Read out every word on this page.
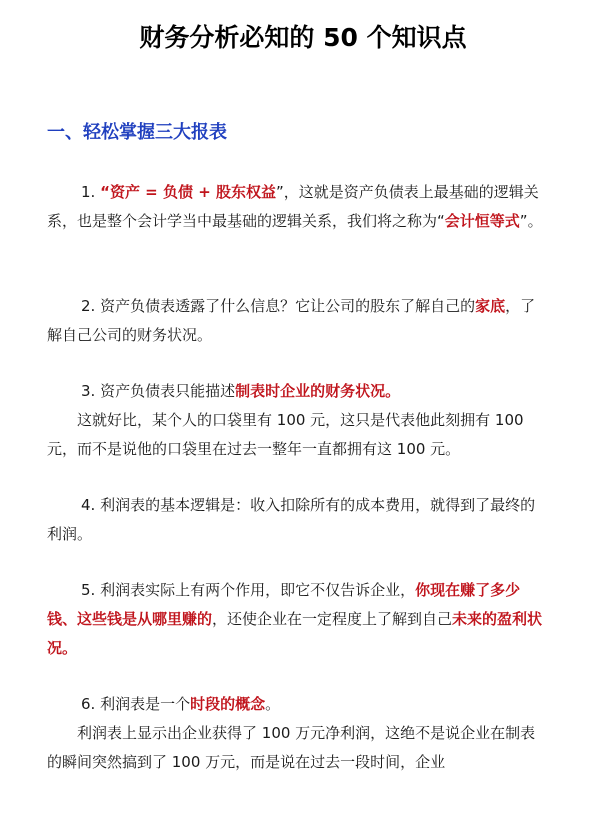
财务分析必知的 50 个知识点
一、轻松掌握三大报表

1. “资产 = 负债 + 股东权益”，这就是资产负债表上最基础的逻辑关系，也是整个会计学当中最基础的逻辑关系，我们将之称为“会计恒等式”。

2. 资产负债表透露了什么信息？它让公司的股东了解自己的家底，了解自己公司的财务状况。

3. 资产负债表只能描述制表时企业的财务状况。
这就好比，某个人的口袋里有 100 元，这只是代表他此刻拥有 100 元，而不是说他的口袋里在过去一整年一直都拥有这 100 元。

4. 利润表的基本逻辑是：收入扣除所有的成本费用，就得到了最终的利润。

5. 利润表实际上有两个作用，即它不仅告诉企业，你现在赚了多少钱、这些钱是从哪里赚的，还使企业在一定程度上了解到自己未来的盈利状况。

6. 利润表是一个时段的概念。
利润表上显示出企业获得了 100 万元净利润，这绝不是说企业在制表的瞬间突然搞到了 100 万元，而是说在过去一段时间，企业
